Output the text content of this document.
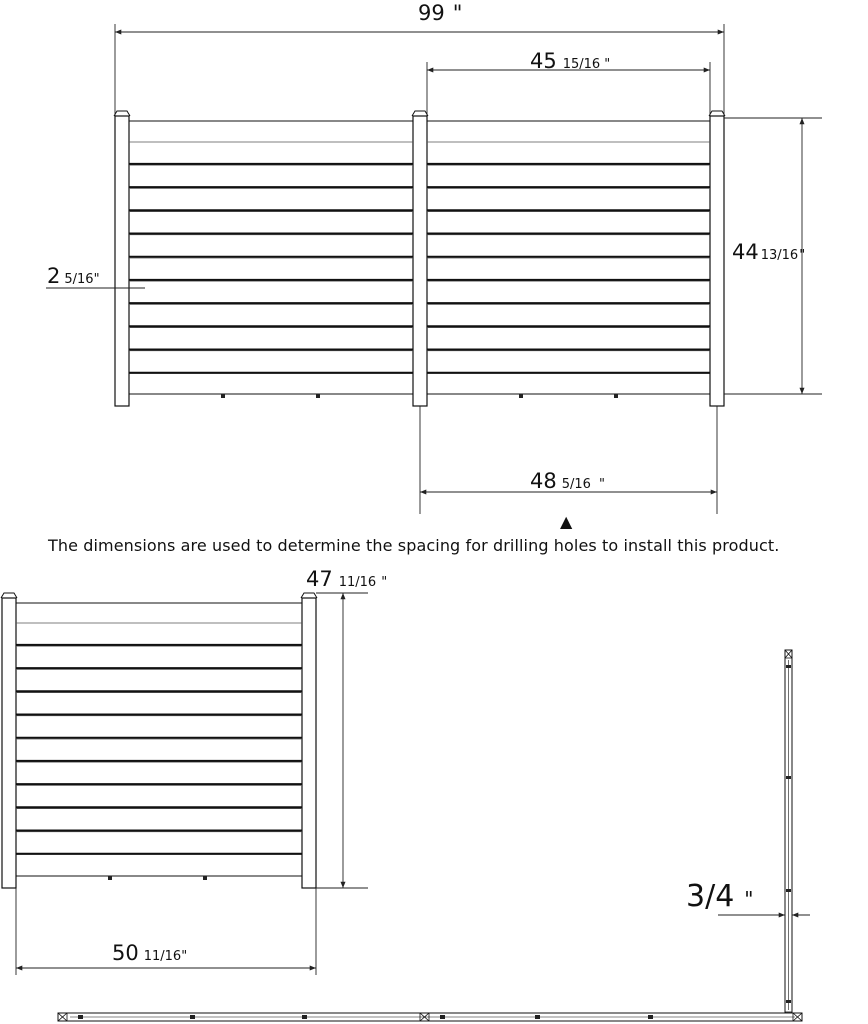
99 "
45 15/16 "
44 13/16"
2 5/16"
48 5/16 "
▲
47 11/16 "
50 11/16"
3/4 "
The dimensions are used to determine the spacing for drilling holes to install this product.
